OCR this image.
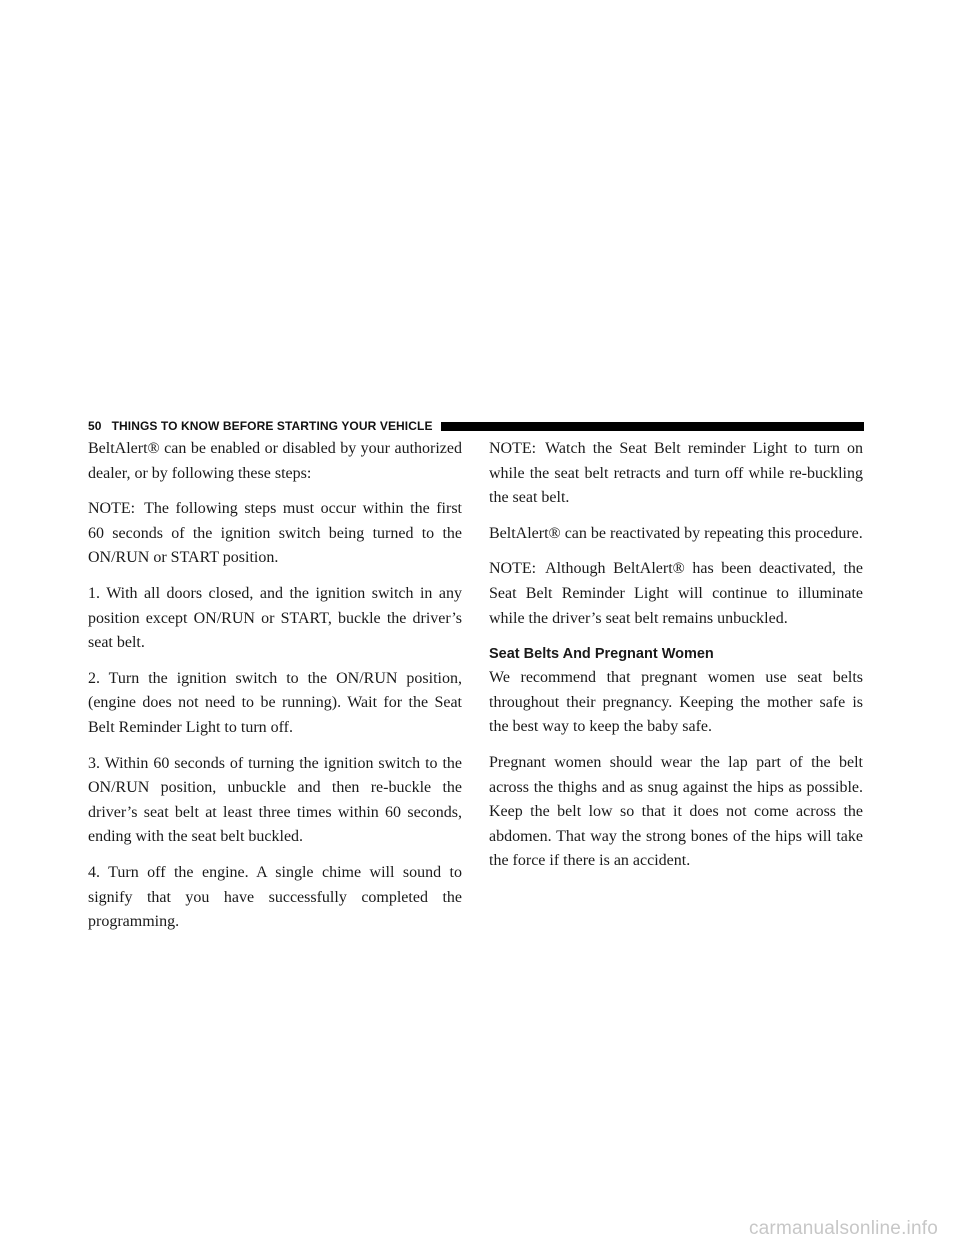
50 THINGS TO KNOW BEFORE STARTING YOUR VEHICLE

BeltAlert® can be enabled or disabled by your authorized dealer, or by following these steps:

NOTE: The following steps must occur within the first 60 seconds of the ignition switch being turned to the ON/RUN or START position.

1. With all doors closed, and the ignition switch in any position except ON/RUN or START, buckle the driver’s seat belt.

2. Turn the ignition switch to the ON/RUN position, (engine does not need to be running). Wait for the Seat Belt Reminder Light to turn off.

3. Within 60 seconds of turning the ignition switch to the ON/RUN position, unbuckle and then re-buckle the driver’s seat belt at least three times within 60 seconds, ending with the seat belt buckled.

4. Turn off the engine. A single chime will sound to signify that you have successfully completed the programming.

NOTE: Watch the Seat Belt reminder Light to turn on while the seat belt retracts and turn off while re-buckling the seat belt.

BeltAlert® can be reactivated by repeating this procedure.

NOTE: Although BeltAlert® has been deactivated, the Seat Belt Reminder Light will continue to illuminate while the driver’s seat belt remains unbuckled.

Seat Belts And Pregnant Women

We recommend that pregnant women use seat belts throughout their pregnancy. Keeping the mother safe is the best way to keep the baby safe.

Pregnant women should wear the lap part of the belt across the thighs and as snug against the hips as possible. Keep the belt low so that it does not come across the abdomen. That way the strong bones of the hips will take the force if there is an accident.

carmanualsonline.info
